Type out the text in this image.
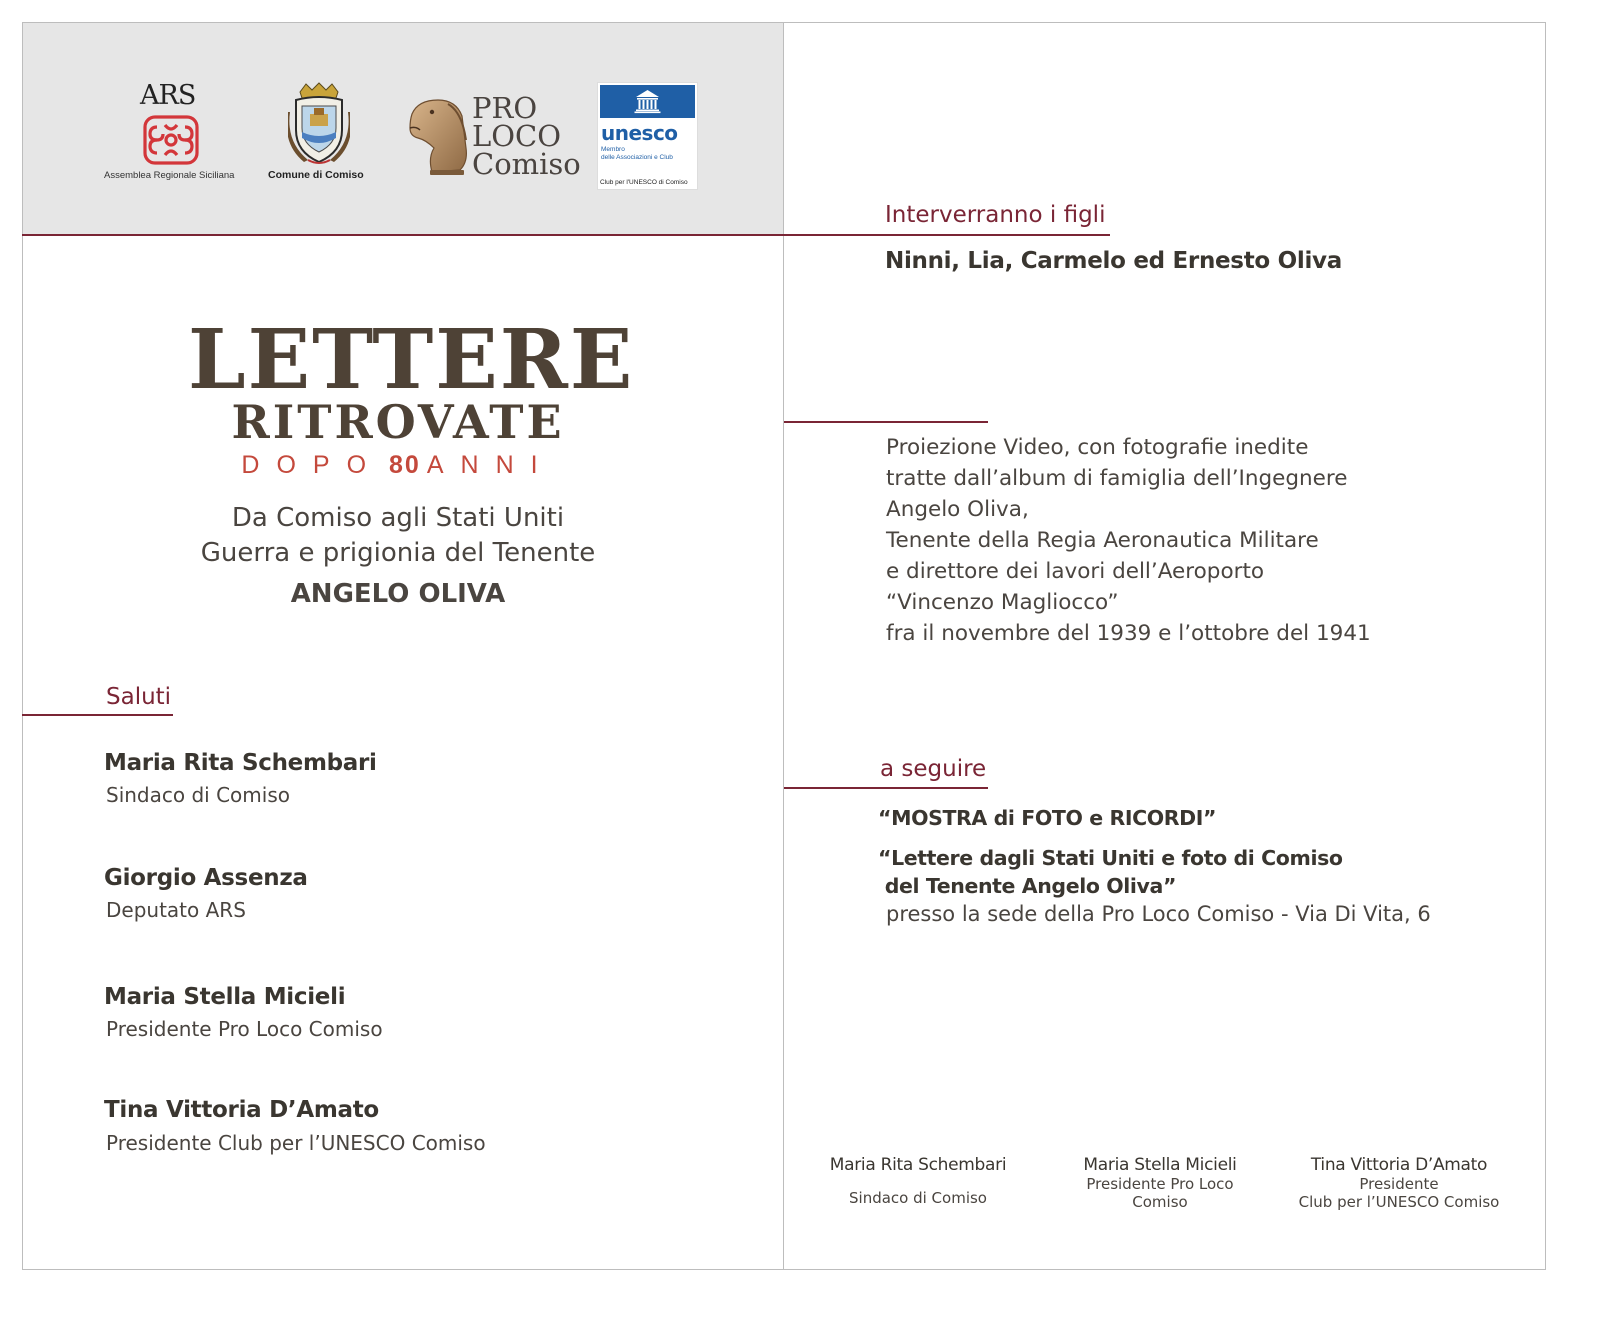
ARS
Assemblea Regionale Siciliana	Comune di Comiso
PRO
LOCO
Comiso
unesco
Membro
delle Associazioni e Club
Club per l'UNESCO di Comiso
LETTERE
RITROVATE
DOPO 80 ANNI
Da Comiso agli Stati Uniti
Guerra e prigionia del Tenente
ANGELO OLIVA
Saluti
Maria Rita Schembari
Sindaco di Comiso
Giorgio Assenza
Deputato ARS
Maria Stella Micieli
Presidente Pro Loco Comiso
Tina Vittoria D’Amato
Presidente Club per l’UNESCO Comiso
Interverranno i figli
Ninni, Lia, Carmelo ed Ernesto Oliva
Proiezione Video, con fotografie inedite
tratte dall’album di famiglia dell’Ingegnere
Angelo Oliva,
Tenente della Regia Aeronautica Militare
e direttore dei lavori dell’Aeroporto
“Vincenzo Magliocco”
fra il novembre del 1939 e l’ottobre del 1941
a seguire
“MOSTRA di FOTO e RICORDI”
“Lettere dagli Stati Uniti e foto di Comiso
del Tenente Angelo Oliva”
presso la sede della Pro Loco Comiso - Via Di Vita, 6
Maria Rita Schembari
Sindaco di Comiso
Maria Stella Micieli
Presidente Pro Loco
Comiso
Tina Vittoria D’Amato
Presidente
Club per l’UNESCO Comiso
